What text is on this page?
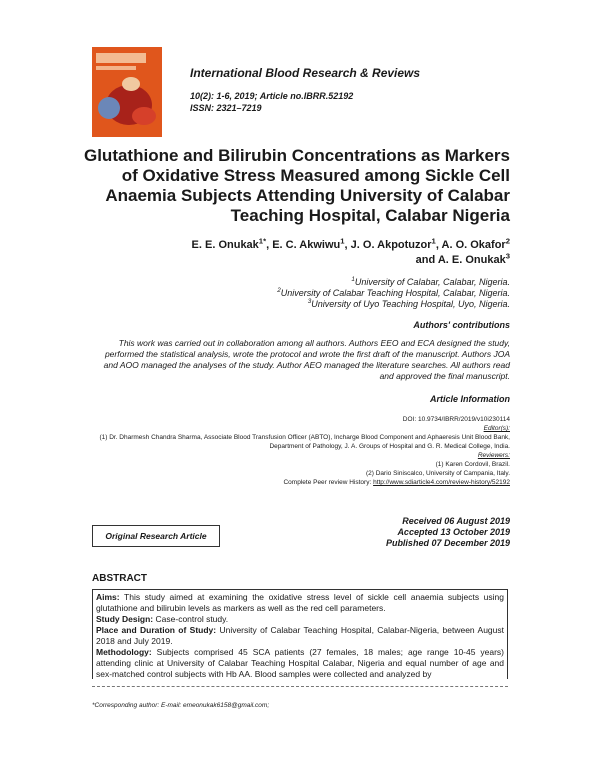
International Blood Research & Reviews
10(2): 1-6, 2019; Article no.IBRR.52192
ISSN: 2321–7219
Glutathione and Bilirubin Concentrations as Markers of Oxidative Stress Measured among Sickle Cell Anaemia Subjects Attending University of Calabar Teaching Hospital, Calabar Nigeria
E. E. Onukak$^{1*}$, E. C. Akwiwu$^1$, J. O. Akpotuzor$^1$, A. O. Okafor$^2$
and A. E. Onukak$^3$
$^1$University of Calabar, Calabar, Nigeria.
$^2$University of Calabar Teaching Hospital, Calabar, Nigeria.
$^3$University of Uyo Teaching Hospital, Uyo, Nigeria.
Authors' contributions
This work was carried out in collaboration among all authors. Authors EEO and ECA designed the study, performed the statistical analysis, wrote the protocol and wrote the first draft of the manuscript. Authors JOA and AOO managed the analyses of the study. Author AEO managed the literature searches. All authors read and approved the final manuscript.
Article Information
DOI: 10.9734/IBRR/2019/v10i230114
Editor(s):
(1) Dr. Dharmesh Chandra Sharma, Associate Blood Transfusion Officer (ABTO), Incharge Blood Component and Aphaeresis Unit Blood Bank, Department of Pathology, J. A. Groups of Hospital and G. R. Medical College, India.
Reviewers:
(1) Karen Cordovil, Brazil.
(2) Dario Siniscalco, University of Campania, Italy.
Complete Peer review History: http://www.sdiarticle4.com/review-history/52192
Original Research Article
Received 06 August 2019
Accepted 13 October 2019
Published 07 December 2019
ABSTRACT

Aims: This study aimed at examining the oxidative stress level of sickle cell anaemia subjects using glutathione and bilirubin levels as markers as well as the red cell parameters.

Study Design: Case-control study.

Place and Duration of Study: University of Calabar Teaching Hospital, Calabar-Nigeria, between August 2018 and July 2019.

Methodology: Subjects comprised 45 SCA patients (27 females, 18 males; age range 10-45 years) attending clinic at University of Calabar Teaching Hospital Calabar, Nigeria and equal number of age and sex-matched control subjects with Hb AA. Blood samples were collected and analyzed by

*Corresponding author: E-mail: emeonukak6158@gmail.com;
